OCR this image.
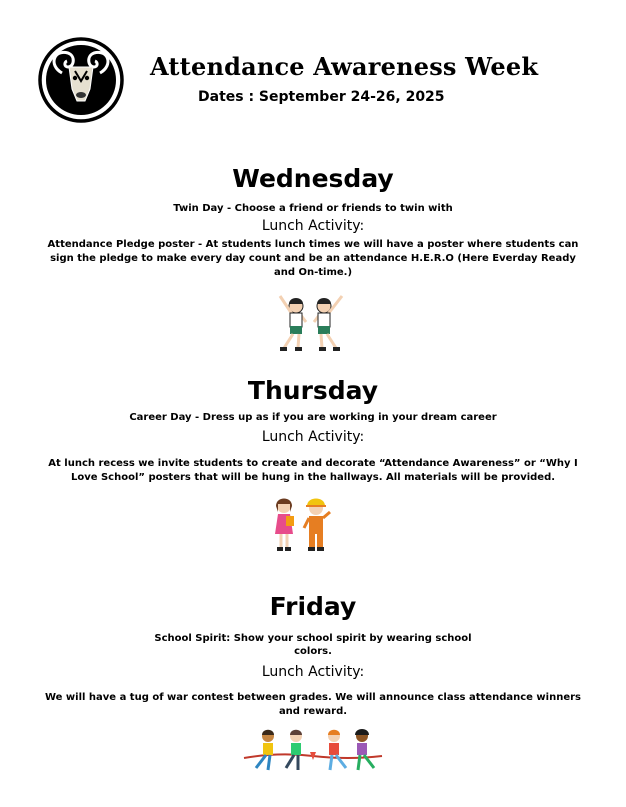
Attendance Awareness Week
Dates : September 24-26, 2025
Wednesday
Twin Day - Choose a friend or friends to twin with
Lunch Activity:
Attendance Pledge poster - At students lunch times we will have a poster where students can sign the pledge to make every day count and be an attendance H.E.R.O (Here Everday Ready and On-time.)
Thursday
Career Day - Dress up as if you are working in your dream career
Lunch Activity:
At lunch recess we invite students to create and decorate “Attendance Awareness” or “Why I Love School” posters that will be hung in the hallways. All materials will be provided.
Friday
School Spirit: Show your school spirit by wearing school colors.
Lunch Activity:
We will have a tug of war contest between grades. We will announce class attendance winners and reward.
